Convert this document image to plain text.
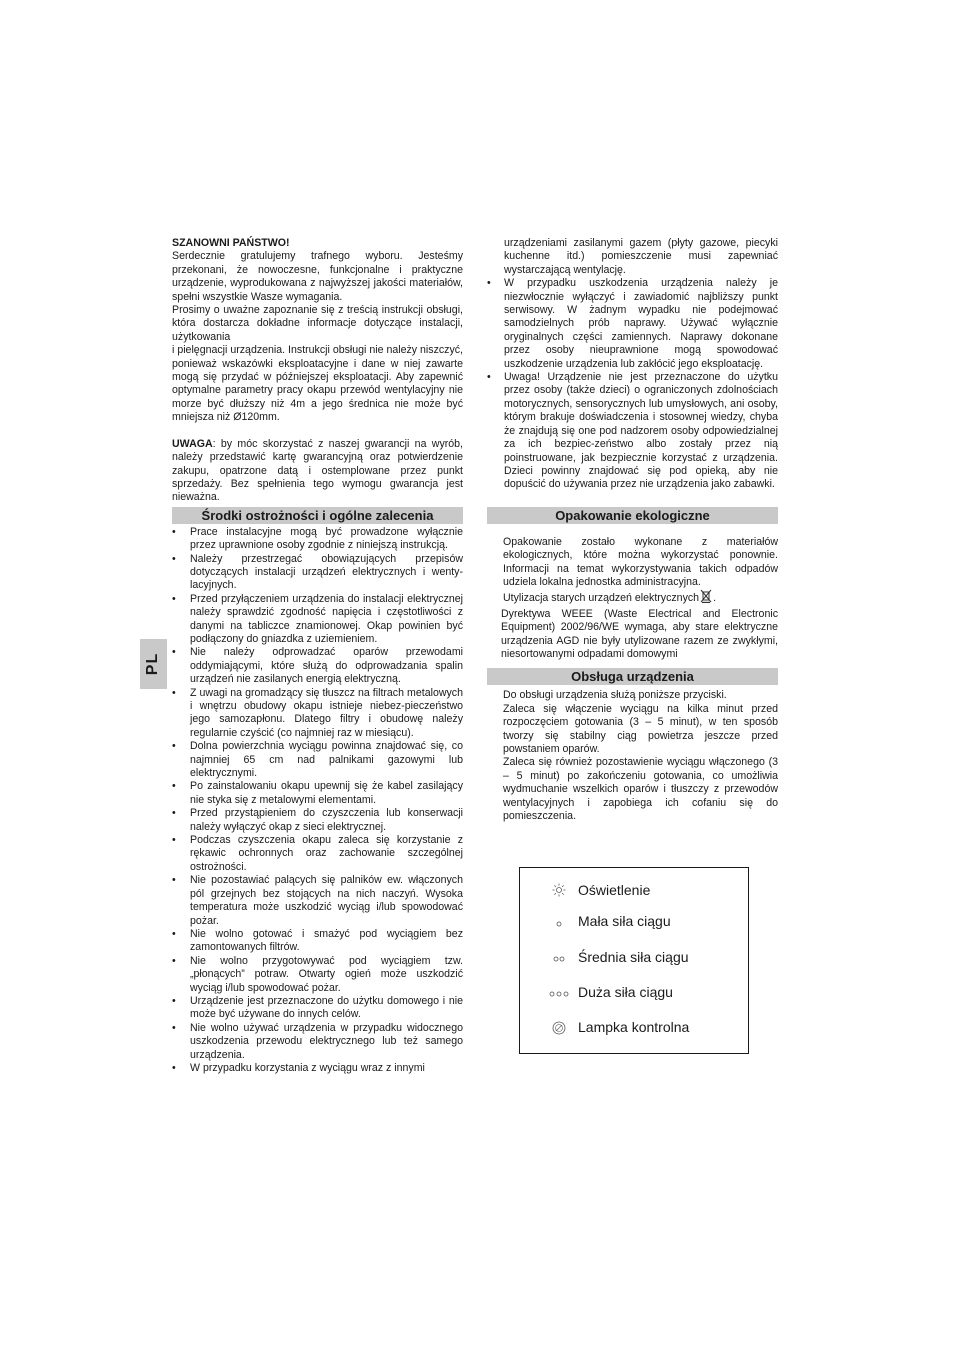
PL

SZANOWNI PAŃSTWO!

Serdecznie gratulujemy trafnego wyboru. Jesteśmy przekonani, że nowoczesne, funkcjonalne i praktyczne urządzenie, wyprodukowana z najwyższej jakości materiałów, spełni wszystkie Wasze wymagania.

Prosimy o uważne zapoznanie się z treścią instrukcji obsługi, która dostarcza dokładne informacje dotyczące instalacji, użytkowania

i pielęgnacji urządzenia. Instrukcji obsługi nie należy niszczyć, ponieważ wskazówki eksploatacyjne i dane w niej zawarte mogą się przydać w późniejszej eksploatacji. Aby zapewnić optymalne parametry pracy okapu przewód wentylacyjny nie morze być dłuższy niż 4m a jego średnica nie może być mniejsza niż Ø120mm.

UWAGA: by móc skorzystać z naszej gwarancji na wyrób, należy przedstawić kartę gwarancyjną oraz potwierdzenie zakupu, opatrzone datą i ostemplowane przez punkt sprzedaży. Bez spełnienia tego wymogu gwarancja jest nieważna.

Środki ostrożności i ogólne zalecenia
• Prace instalacyjne mogą być prowadzone wyłącznie przez uprawnione osoby zgodnie z niniejszą instrukcją.
• Należy przestrzegać obowiązujących przepisów dotyczących instalacji urządzeń elektrycznych i wenty-lacyjnych.
• Przed przyłączeniem urządzenia do instalacji elektrycznej należy sprawdzić zgodność napięcia i częstotliwości z danymi na tabliczce znamionowej. Okap powinien być podłączony do gniazdka z uziemieniem.
• Nie należy odprowadzać oparów przewodami oddymiającymi, które służą do odprowadzania spalin urządzeń nie zasilanych energią elektryczną.
• Z uwagi na gromadzący się tłuszcz na filtrach metalowych i wnętrzu obudowy okapu istnieje niebez-pieczeństwo jego samozapłonu. Dlatego filtry i obudowę należy regularnie czyścić (co najmniej raz w miesiącu).
• Dolna powierzchnia wyciągu powinna znajdować się, co najmniej 65 cm nad palnikami gazowymi lub elektrycznymi.
• Po zainstalowaniu okapu upewnij się że kabel zasilający nie styka się z metalowymi elementami.
• Przed przystąpieniem do czyszczenia lub konserwacji należy wyłączyć okap z sieci elektrycznej.
• Podczas czyszczenia okapu zaleca się korzystanie z rękawic ochronnych oraz zachowanie szczególnej ostrożności.
• Nie pozostawiać palących się palników ew. włączonych pól grzejnych bez stojących na nich naczyń. Wysoka temperatura może uszkodzić wyciąg i/lub spowodować pożar.
• Nie wolno gotować i smażyć pod wyciągiem bez zamontowanych filtrów.
• Nie wolno przygotowywać pod wyciągiem tzw. „płonących” potraw. Otwarty ogień może uszkodzić wyciąg i/lub spowodować pożar.
• Urządzenie jest przeznaczone do użytku domowego i nie może być używane do innych celów.
• Nie wolno używać urządzenia w przypadku widocznego uszkodzenia przewodu elektrycznego lub też samego urządzenia.
• W przypadku korzystania z wyciągu wraz z innymi

urządzeniami zasilanymi gazem (płyty gazowe, piecyki kuchenne itd.) pomieszczenie musi zapewniać wystarczającą wentylację.

• W przypadku uszkodzenia urządzenia należy je niezwłocznie wyłączyć i zawiadomić najbliższy punkt serwisowy. W żadnym wypadku nie podejmować samodzielnych prób naprawy. Używać wyłącznie oryginalnych części zamiennych. Naprawy dokonane przez osoby nieuprawnione mogą spowodować uszkodzenie urządzenia lub zakłócić jego eksploatację.
• Uwaga! Urządzenie nie jest przeznaczone do użytku przez osoby (także dzieci) o ograniczonych zdolnościach motorycznych, sensorycznych lub umysłowych, ani osoby, którym brakuje doświadczenia i stosownej wiedzy, chyba że znajdują się one pod nadzorem osoby odpowiedzialnej za ich bezpiec-zeństwo albo zostały przez nią poinstruowane, jak bezpiecznie korzystać z urządzenia. Dzieci powinny znajdować się pod opieką, aby nie dopuścić do używania przez nie urządzenia jako zabawki.
Opakowanie ekologiczne

Opakowanie zostało wykonane z materiałów ekologicznych, które można wykorzystać ponownie. Informacji na temat wykorzystywania takich odpadów udziela lokalna jednostka administracyjna.

Utylizacja starych urządzeń elektrycznych .

Dyrektywa WEEE (Waste Electrical and Electronic Equipment) 2002/96/WE wymaga, aby stare elektryczne urządzenia AGD nie były utylizowane razem ze zwykłymi, niesortowanymi odpadami domowymi

Obsługa urządzenia

Do obsługi urządzenia służą poniższe przyciski.

Zaleca się włączenie wyciągu na kilka minut przed rozpoczęciem gotowania (3 – 5 minut), w ten sposób tworzy się stabilny ciąg powietrza jeszcze przed powstaniem oparów.

Zaleca się również pozostawienie wyciągu włączonego (3 – 5 minut) po zakończeniu gotowania, co umożliwia wydmuchanie wszelkich oparów i tłuszczy z przewodów wentylacyjnych i zapobiega ich cofaniu się do pomieszczenia.

Oświetlenie
Mała siła ciągu
Średnia siła ciągu
Duża siła ciągu
Lampka kontrolna
